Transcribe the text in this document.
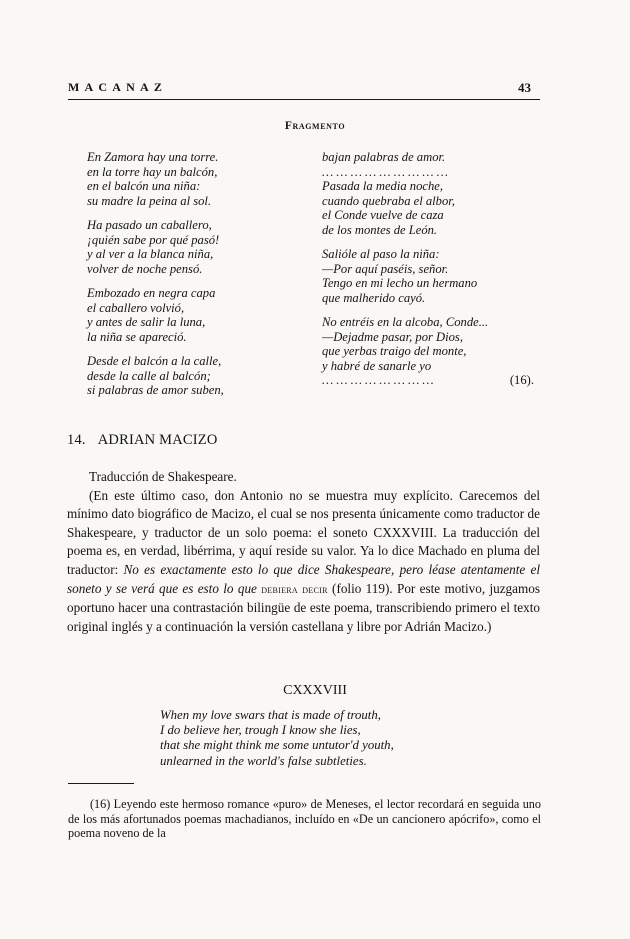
MACANAZ	43
Fragmento
En Zamora hay una torre.
en la torre hay un balcón,
en el balcón una niña:
su madre la peina al sol.
Ha pasado un caballero,
¡quién sabe por qué pasó!
y al ver a la blanca niña,
volver de noche pensó.
Embozado en negra capa
el caballero volvió,
y antes de salir la luna,
la niña se apareció.
Desde el balcón a la calle,
desde la calle al balcón;
si palabras de amor suben,
bajan palabras de amor.
… … … … … … … … …
Pasada la media noche,
cuando quebraba el albor,
el Conde vuelve de caza
de los montes de León.
Salióle al paso la niña:
—Por aquí paséis, señor.
Tengo en mi lecho un hermano
que malherido cayó.
No entréis en la alcoba, Conde...
—Dejadme pasar, por Dios,
que yerbas traigo del monte,
y habré de sanarle yo
… … … … … … … …	(16).
14. ADRIAN MACIZO

Traducción de Shakespeare.

(En este último caso, don Antonio no se muestra muy explícito. Carecemos del mínimo dato biográfico de Macizo, el cual se nos presenta únicamente como traductor de Shakespeare, y traductor de un solo poema: el soneto CXXXVIII. La traducción del poema es, en verdad, libérrima, y aquí reside su valor. Ya lo dice Machado en pluma del traductor: No es exactamente esto lo que dice Shakespeare, pero léase atentamente el soneto y se verá que es esto lo que debiera decir (folio 119). Por este motivo, juzgamos oportuno hacer una contrastación bilingüe de este poema, transcribiendo primero el texto original inglés y a continuación la versión castellana y libre por Adrián Macizo.)

CXXXVIII
When my love swars that is made of trouth,
I do believe her, trough I know she lies,
that she might think me some untutor'd youth,
unlearned in the world's false subtleties.

(16) Leyendo este hermoso romance «puro» de Meneses, el lector recordará en seguida uno de los más afortunados poemas machadianos, incluído en «De un cancionero apócrifo», como el poema noveno de la
